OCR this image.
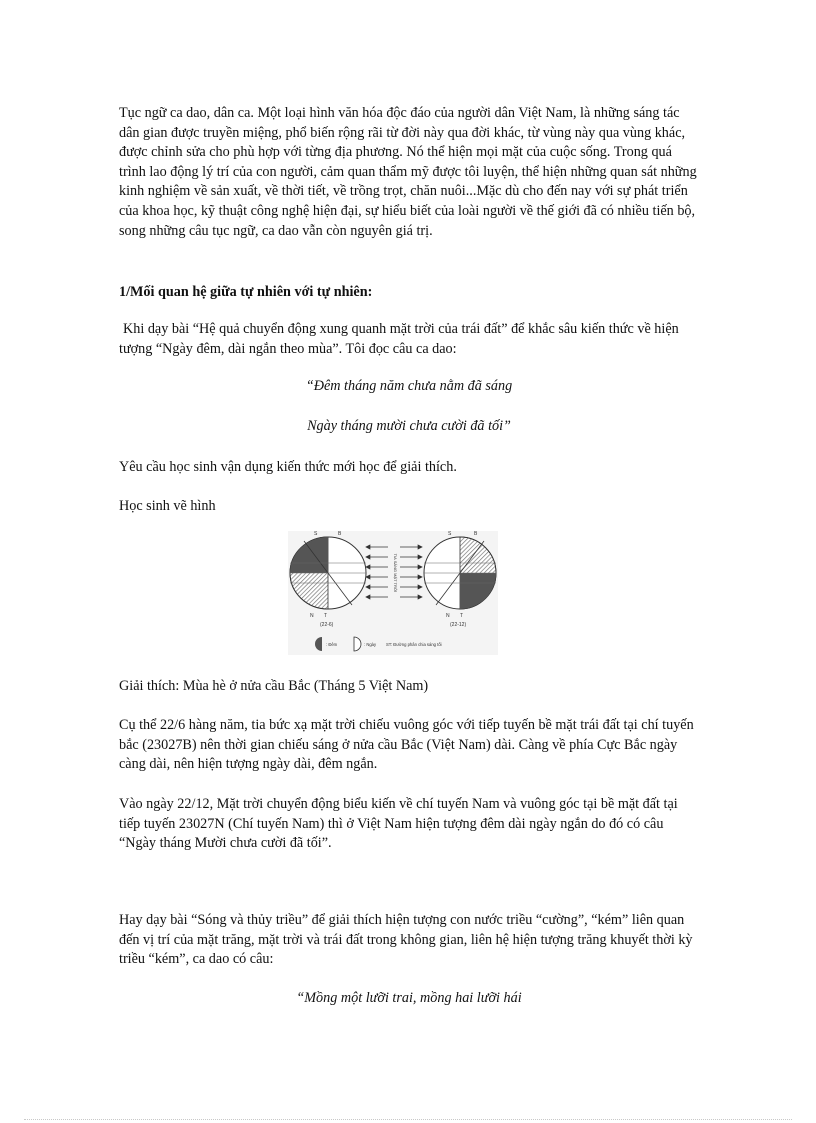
Tục ngữ ca dao, dân ca. Một loại hình văn hóa độc đáo của người dân Việt Nam, là những sáng tác dân gian được truyền miệng, phổ biến rộng rãi từ đời này qua đời khác, từ vùng này qua vùng khác, được chỉnh sửa cho phù hợp với từng địa phương. Nó thể hiện mọi mặt của cuộc sống. Trong quá trình lao động lý trí của con người, cảm quan thẩm mỹ được tôi luyện, thể hiện những quan sát những kinh nghiệm về sản xuất, về thời tiết, về trồng trọt, chăn nuôi...Mặc dù cho đến nay với sự phát triển của khoa học, kỹ thuật công nghệ hiện đại, sự hiểu biết của loài người về thế giới đã có nhiều tiến bộ, song những câu tục ngữ, ca dao vẫn còn nguyên giá trị.

1/Mối quan hệ giữa tự nhiên với tự nhiên:

Khi dạy bài “Hệ quả chuyển động xung quanh mặt trời của trái đất” để khắc sâu kiến thức về hiện tượng “Ngày đêm, dài ngắn theo mùa”. Tôi đọc câu ca dao:

“Đêm tháng năm chưa nằm đã sáng

Ngày tháng mười chưa cười đã tối”

Yêu cầu học sinh vận dụng kiến thức mới học để giải thích.

Học sinh vẽ hình

TIA SÁNG MẶT TRỜI
S	B
N T
S	B
N T
(22-6)	(22-12)
: Đêm	: Ngày ST: Đường phân chia sáng tối

Giải thích: Mùa hè ở nửa cầu Bắc (Tháng 5 Việt Nam)

Cụ thể 22/6 hàng năm, tia bức xạ mặt trời chiếu vuông góc với tiếp tuyến bề mặt trái đất tại chí tuyến bắc (23027B) nên thời gian chiếu sáng ở nửa cầu Bắc (Việt Nam) dài. Càng về phía Cực Bắc ngày càng dài, nên hiện tượng ngày dài, đêm ngắn.

Vào ngày 22/12, Mặt trời chuyển động biểu kiến về chí tuyến Nam và vuông góc tại bề mặt đất tại tiếp tuyến 23027N (Chí tuyến Nam) thì ở Việt Nam hiện tượng đêm dài ngày ngắn do đó có câu “Ngày tháng Mười chưa cười đã tối”.

Hay dạy bài “Sóng và thủy triều” để giải thích hiện tượng con nước triều “cường”, “kém” liên quan đến vị trí của mặt trăng, mặt trời và trái đất trong không gian, liên hệ hiện tượng trăng khuyết thời kỳ triều “kém”, ca dao có câu:

“Mồng một lưỡi trai, mồng hai lưỡi hái
